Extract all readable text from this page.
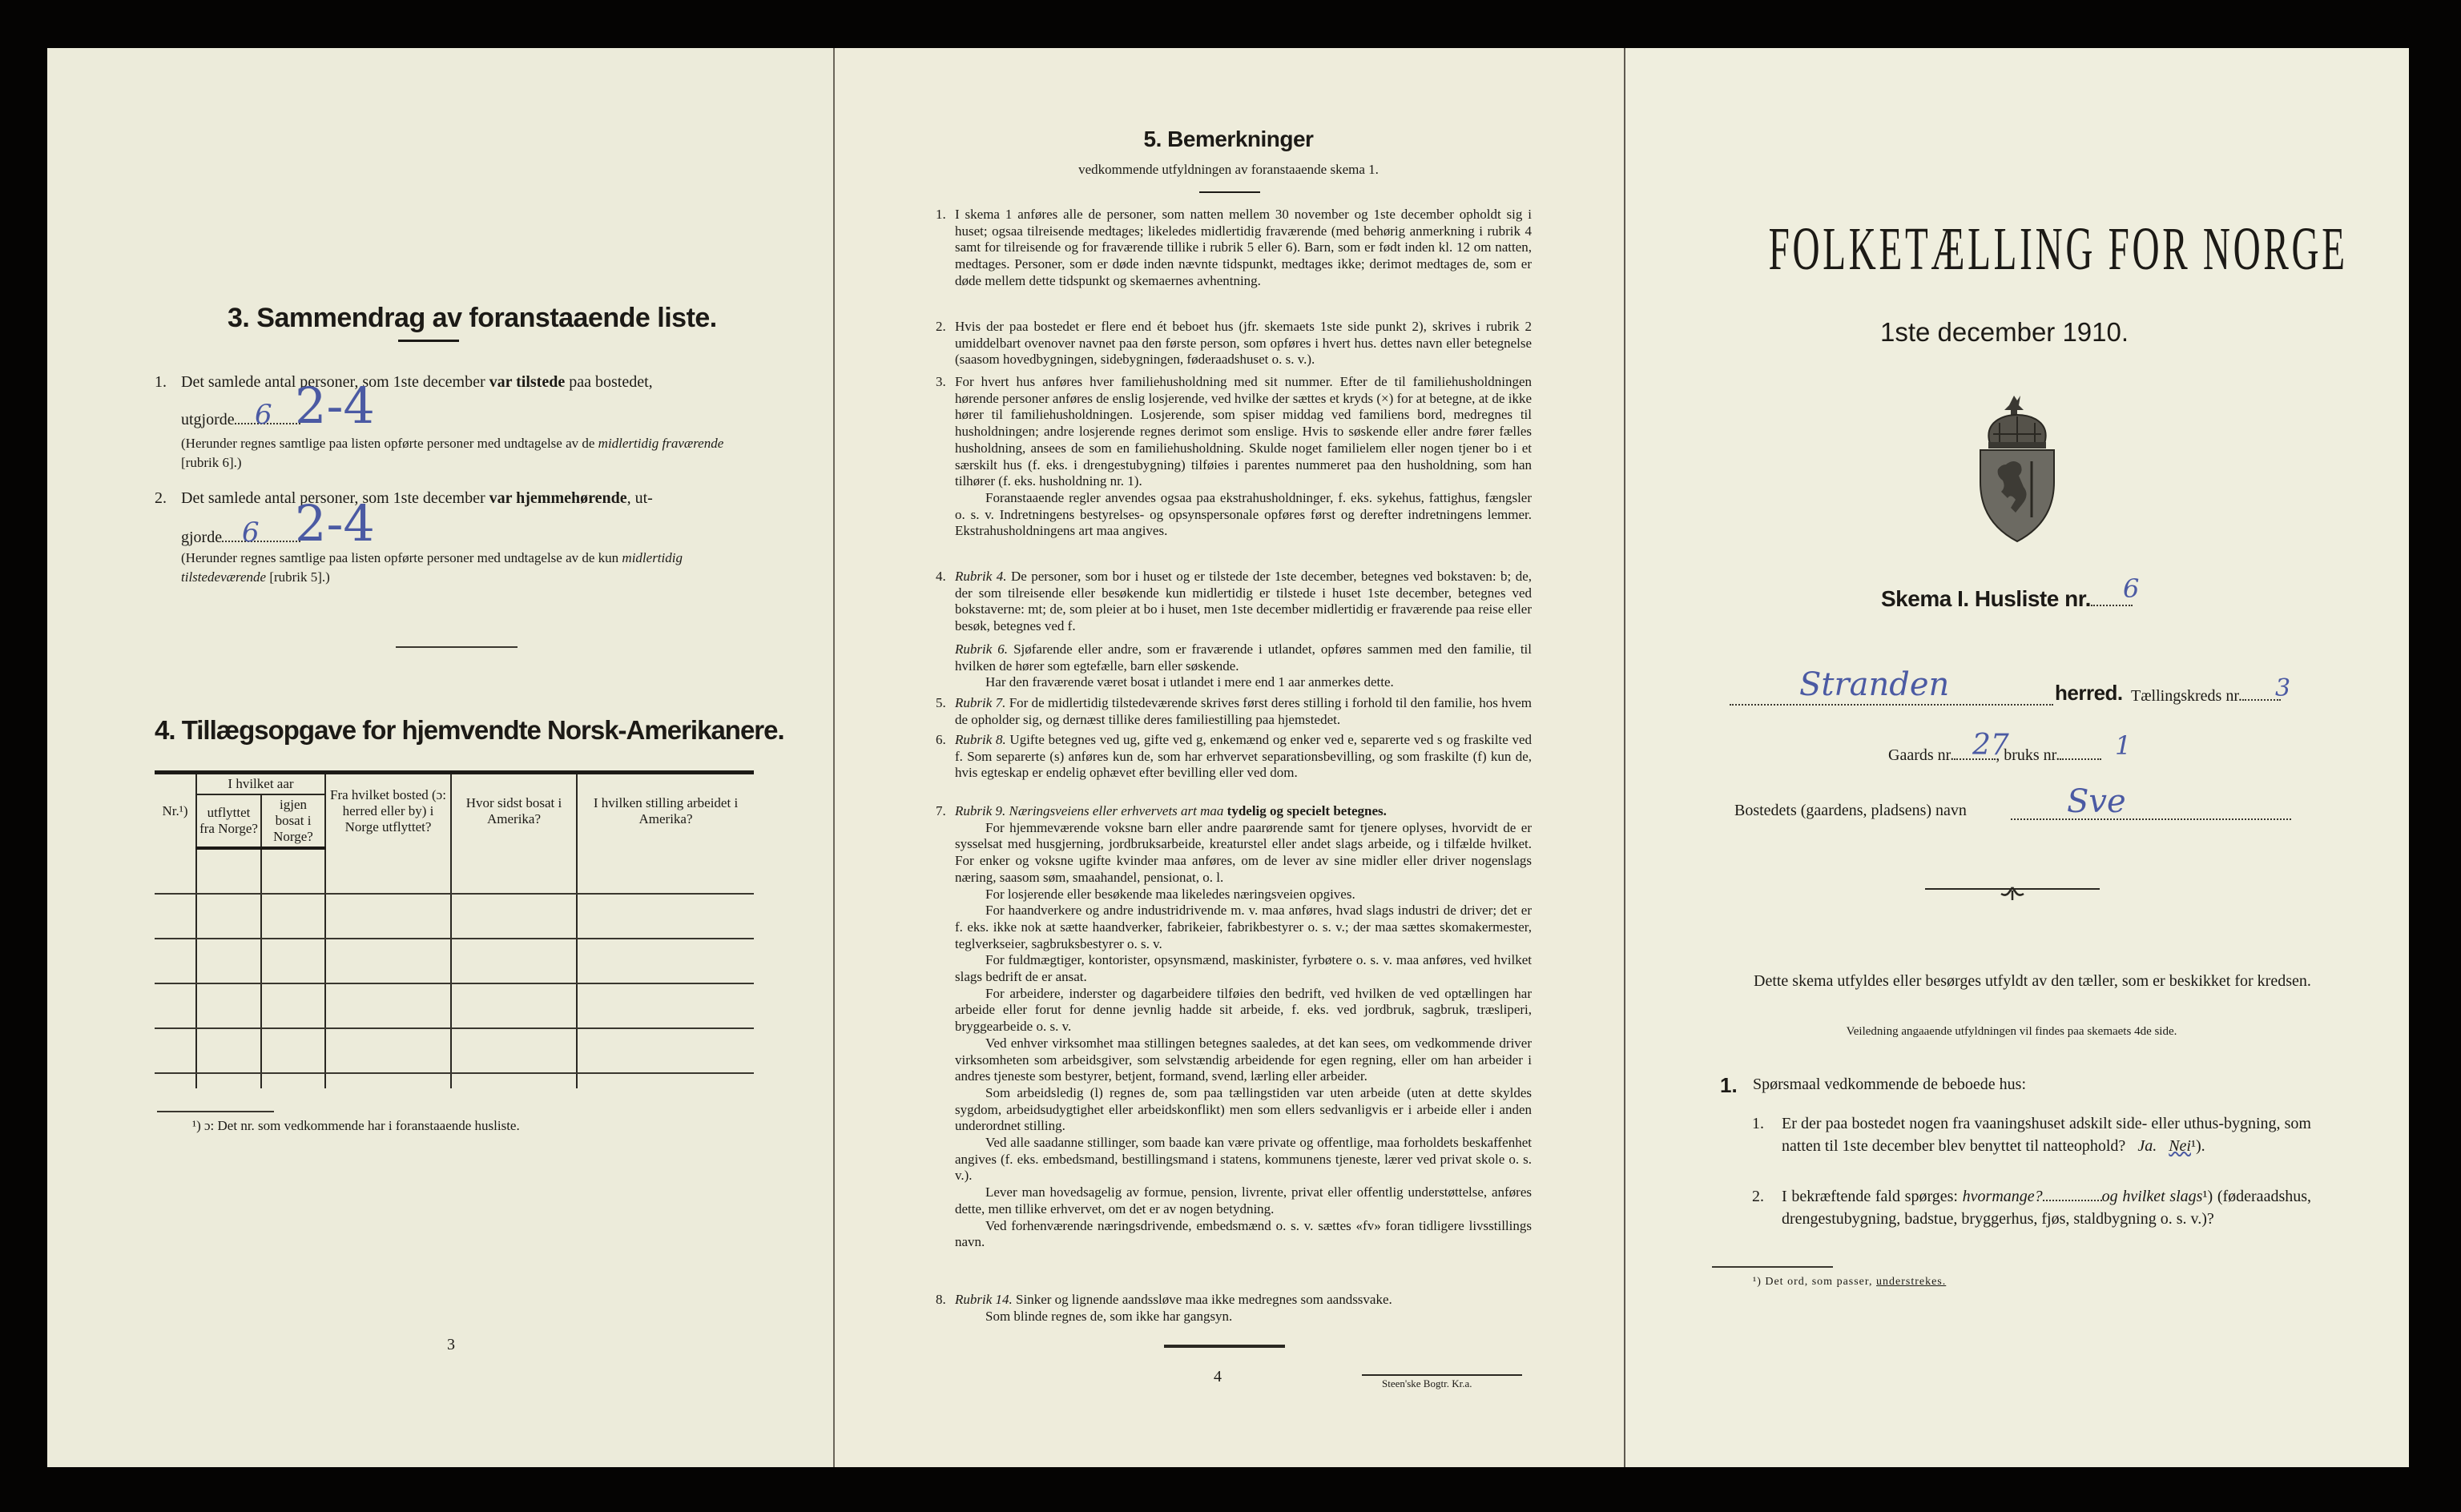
3. Sammendrag av foranstaaende liste.
1. Det samlede antal personer, som 1ste december var tilstede paa bostedet,
utgjorde 6 2-4
(Herunder regnes samtlige paa listen opførte personer med undtagelse av de midlertidig fraværende [rubrik 6].)
2. Det samlede antal personer, som 1ste december var hjemmehørende, ut-
gjorde 6 2-4
(Herunder regnes samtlige paa listen opførte personer med undtagelse av de kun midlertidig tilstedeværende [rubrik 5].)
4. Tillægsopgave for hjemvendte Norsk-Amerikanere.
Nr.¹)	I hvilket aar		Fra hvilket bosted (ɔ: herred eller by) i Norge utflyttet?	Hvor sidst bosat i Amerika?	I hvilken stilling arbeidet i Amerika?
	utflyttet fra Norge?	igjen bosat i Norge?			

¹) ɔ: Det nr. som vedkommende har i foranstaaende husliste.
3
5. Bemerkninger
vedkommende utfyldningen av foranstaaende skema 1.
1. I skema 1 anføres alle de personer, som natten mellem 30 november og 1ste december opholdt sig i huset; ogsaa tilreisende medtages; likeledes midlertidig fraværende (med behørig anmerkning i rubrik 4 samt for tilreisende og for fraværende tillike i rubrik 5 eller 6). Barn, som er født inden kl. 12 om natten, medtages. Personer, som er døde inden nævnte tidspunkt, medtages ikke; derimot medtages de, som er døde mellem dette tidspunkt og skemaernes avhentning.

2. Hvis der paa bostedet er flere end ét beboet hus (jfr. skemaets 1ste side punkt 2), skrives i rubrik 2 umiddelbart ovenover navnet paa den første person, som opføres i hvert hus. dettes navn eller betegnelse (saasom hovedbygningen, sidebygningen, føderaadshuset o. s. v.).

3. For hvert hus anføres hver familiehusholdning med sit nummer. Efter de til familiehusholdningen hørende personer anføres de enslig losjerende, ved hvilke der sættes et kryds (×) for at betegne, at de ikke hører til familiehusholdningen. Losjerende, som spiser middag ved familiens bord, medregnes til husholdningen; andre losjerende regnes derimot som enslige. Hvis to søskende eller andre fører fælles husholdning, ansees de som en familiehusholdning. Skulde noget familielem eller nogen tjener bo i et særskilt hus (f. eks. i drengestubygning) tilføies i parentes nummeret paa den husholdning, som han tilhører (f. eks. husholdning nr. 1).

Foranstaaende regler anvendes ogsaa paa ekstrahusholdninger, f. eks. sykehus, fattighus, fængsler o. s. v. Indretningens bestyrelses- og opsynspersonale opføres først og derefter indretningens lemmer. Ekstrahusholdningens art maa angives.

4. Rubrik 4. De personer, som bor i huset og er tilstede der 1ste december, betegnes ved bokstaven: b; de, der som tilreisende eller besøkende kun midlertidig er tilstede i huset 1ste december, betegnes ved bokstaverne: mt; de, som pleier at bo i huset, men 1ste december midlertidig er fraværende paa reise eller besøk, betegnes ved f.

Rubrik 6. Sjøfarende eller andre, som er fraværende i utlandet, opføres sammen med den familie, til hvilken de hører som egtefælle, barn eller søskende.

Har den fraværende været bosat i utlandet i mere end 1 aar anmerkes dette.

5. Rubrik 7. For de midlertidig tilstedeværende skrives først deres stilling i forhold til den familie, hos hvem de opholder sig, og dernæst tillike deres familiestilling paa hjemstedet.

6. Rubrik 8. Ugifte betegnes ved ug, gifte ved g, enkemænd og enker ved e, separerte ved s og fraskilte ved f. Som separerte (s) anføres kun de, som har erhvervet separationsbevilling, og som fraskilte (f) kun de, hvis egteskap er endelig ophævet efter bevilling eller ved dom.

7. Rubrik 9. Næringsveiens eller erhvervets art maa tydelig og specielt betegnes.

For hjemmeværende voksne barn eller andre paarørende samt for tjenere oplyses, hvorvidt de er sysselsat med husgjerning, jordbruksarbeide, kreaturstel eller andet slags arbeide, og i tilfælde hvilket. For enker og voksne ugifte kvinder maa anføres, om de lever av sine midler eller driver nogenslags næring, saasom søm, smaahandel, pensionat, o. l.

For losjerende eller besøkende maa likeledes næringsveien opgives.

For haandverkere og andre industridrivende m. v. maa anføres, hvad slags industri de driver; det er f. eks. ikke nok at sætte haandverker, fabrikeier, fabrikbestyrer o. s. v.; der maa sættes skomakermester, teglverkseier, sagbruksbestyrer o. s. v.

For fuldmægtiger, kontorister, opsynsmænd, maskinister, fyrbøtere o. s. v. maa anføres, ved hvilket slags bedrift de er ansat.

For arbeidere, inderster og dagarbeidere tilføies den bedrift, ved hvilken de ved optællingen har arbeide eller forut for denne jevnlig hadde sit arbeide, f. eks. ved jordbruk, sagbruk, træsliperi, bryggearbeide o. s. v.

Ved enhver virksomhet maa stillingen betegnes saaledes, at det kan sees, om vedkommende driver virksomheten som arbeidsgiver, som selvstændig arbeidende for egen regning, eller om han arbeider i andres tjeneste som bestyrer, betjent, formand, svend, lærling eller arbeider.

Som arbeidsledig (l) regnes de, som paa tællingstiden var uten arbeide (uten at dette skyldes sygdom, arbeidsudygtighet eller arbeidskonflikt) men som ellers sedvanligvis er i arbeide eller i anden underordnet stilling.

Ved alle saadanne stillinger, som baade kan være private og offentlige, maa forholdets beskaffenhet angives (f. eks. embedsmand, bestillingsmand i statens, kommunens tjeneste, lærer ved privat skole o. s. v.).

Lever man hovedsagelig av formue, pension, livrente, privat eller offentlig understøttelse, anføres dette, men tillike erhvervet, om det er av nogen betydning.

Ved forhenværende næringsdrivende, embedsmænd o. s. v. sættes «fv» foran tidligere livsstillings navn.

8. Rubrik 14. Sinker og lignende aandssløve maa ikke medregnes som aandssvake.

Som blinde regnes de, som ikke har gangsyn.

4	Steen'ske Bogtr. Kr.a.
FOLKETÆLLING FOR NORGE
1ste december 1910.
Skema I. Husliste nr.	6
Stranden	herred. Tællingskreds nr.	3
Gaards nr.	, bruks nr.
27	1
Bostedets (gaardens, pladsens) navn	Sve
Dette skema utfyldes eller besørges utfyldt av den tæller, som er beskikket for kredsen.
Veiledning angaaende utfyldningen vil findes paa skemaets 4de side.
1. Spørsmaal vedkommende de beboede hus:
1. Er der paa bostedet nogen fra vaaningshuset adskilt side- eller uthus-bygning, som natten til 1ste december blev benyttet til natteophold? Ja. Nei¹).
2. I bekræftende fald spørges: hvormange?	og hvilket slags¹) (føderaadshus, drengestubygning, badstue, bryggerhus, fjøs, staldbygning o. s. v.)?
¹) Det ord, som passer, understrekes.
